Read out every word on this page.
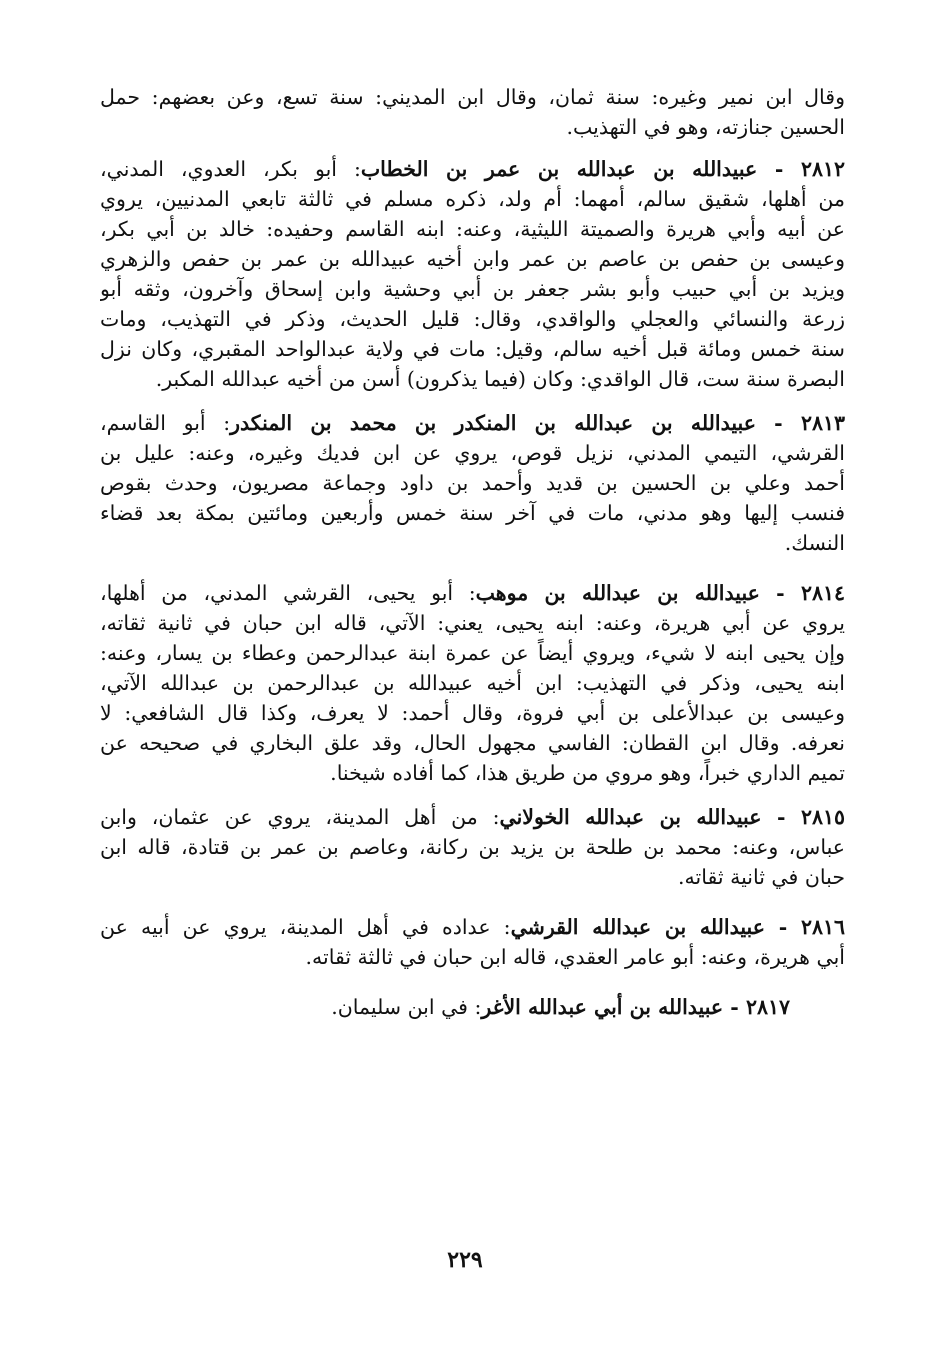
وقال ابن نمير وغيره: سنة ثمان، وقال ابن المديني: سنة تسع، وعن بعضهم: حمل
الحسين جنازته، وهو في التهذيب.
٢٨١٢ - عبيدالله بن عبدالله بن عمر بن الخطاب: أبو بكر، العدوي، المدني،
من أهلها، شقيق سالم، أمهما: أم ولد، ذكره مسلم في ثالثة تابعي المدنيين، يروي
عن أبيه وأبي هريرة والصميتة الليثية، وعنه: ابنه القاسم وحفيده: خالد بن أبي بكر،
وعيسى بن حفص بن عاصم بن عمر وابن أخيه عبيدالله بن عمر بن حفص والزهري
ويزيد بن أبي حبيب وأبو بشر جعفر بن أبي وحشية وابن إسحاق وآخرون، وثقه أبو
زرعة والنسائي والعجلي والواقدي، وقال: قليل الحديث، وذكر في التهذيب، ومات
سنة خمس ومائة قبل أخيه سالم، وقيل: مات في ولاية عبدالواحد المقبري، وكان نزل
البصرة سنة ست، قال الواقدي: وكان (فيما يذكرون) أسن من أخيه عبدالله المكبر.
٢٨١٣ - عبيدالله بن عبدالله بن المنكدر بن محمد بن المنكدر: أبو القاسم،
القرشي، التيمي المدني، نزيل قوص، يروي عن ابن فديك وغيره، وعنه: عليل بن
أحمد وعلي بن الحسين بن قديد وأحمد بن داود وجماعة مصريون، وحدث بقوص
فنسب إليها وهو مدني، مات في آخر سنة خمس وأربعين ومائتين بمكة بعد قضاء
النسك.
٢٨١٤ - عبيدالله بن عبدالله بن موهب: أبو يحيى، القرشي المدني، من أهلها،
يروي عن أبي هريرة، وعنه: ابنه يحيى، يعني: الآتي، قاله ابن حبان في ثانية ثقاته،
وإن يحيى ابنه لا شيء، ويروي أيضاً عن عمرة ابنة عبدالرحمن وعطاء بن يسار، وعنه:
ابنه يحيى، وذكر في التهذيب: ابن أخيه عبيدالله بن عبدالرحمن بن عبدالله الآتي،
وعيسى بن عبدالأعلى بن أبي فروة، وقال أحمد: لا يعرف، وكذا قال الشافعي: لا
نعرفه. وقال ابن القطان: الفاسي مجهول الحال، وقد علق البخاري في صحيحه عن
تميم الداري خبراً، وهو مروي من طريق هذا، كما أفاده شيخنا.
٢٨١٥ - عبيدالله بن عبدالله الخولاني: من أهل المدينة، يروي عن عثمان، وابن
عباس، وعنه: محمد بن طلحة بن يزيد بن ركانة، وعاصم بن عمر بن قتادة، قاله ابن
حبان في ثانية ثقاته.
٢٨١٦ - عبيدالله بن عبدالله القرشي: عداده في أهل المدينة، يروي عن أبيه عن
أبي هريرة، وعنه: أبو عامر العقدي، قاله ابن حبان في ثالثة ثقاته.
٢٨١٧ - عبيدالله بن أبي عبدالله الأغر: في ابن سليمان.
٢٢٩
